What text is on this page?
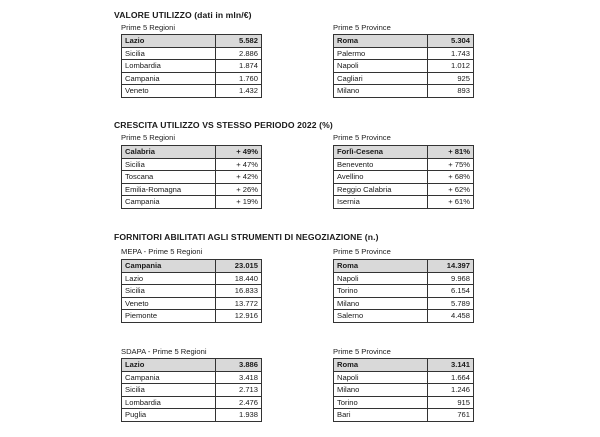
VALORE UTILIZZO (dati in mln/€)
Prime 5 Regioni	Prime 5 Province
Lazio	5.582
Sicilia	2.886
Lombardia	1.874
Campania	1.760
Veneto	1.432
Roma	5.304
Palermo	1.743
Napoli	1.012
Cagliari	925
Milano	893
CRESCITA UTILIZZO VS STESSO PERIODO 2022 (%)
Prime 5 Regioni	Prime 5 Province
Calabria	+ 49%
Sicilia	+ 47%
Toscana	+ 42%
Emilia-Romagna	+ 26%
Campania	+ 19%
Forlì-Cesena	+ 81%
Benevento	+ 75%
Avellino	+ 68%
Reggio Calabria	+ 62%
Isernia	+ 61%
FORNITORI ABILITATI AGLI STRUMENTI DI NEGOZIAZIONE (n.)
MEPA - Prime 5 Regioni	Prime 5 Province
Campania	23.015
Lazio	18.440
Sicilia	16.833
Veneto	13.772
Piemonte	12.916
Roma	14.397
Napoli	9.968
Torino	6.154
Milano	5.789
Salerno	4.458
SDAPA - Prime 5 Regioni	Prime 5 Province
Lazio	3.886
Campania	3.418
Sicilia	2.713
Lombardia	2.476
Puglia	1.938
Roma	3.141
Napoli	1.664
Milano	1.246
Torino	915
Bari	761
